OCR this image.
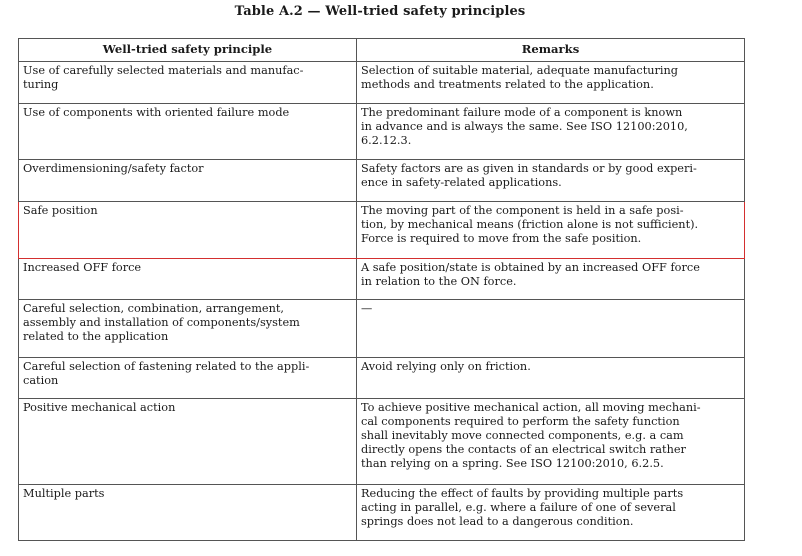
Table A.2 — Well-tried safety principles
Well-tried safety principle	Remarks

Use of carefully selected materials and manufac-
turing	Selection of suitable material, adequate manufacturing
methods and treatments related to the application.

Use of components with oriented failure mode	The predominant failure mode of a component is known
in advance and is always the same. See ISO 12100:2010,
6.2.12.3.

Overdimensioning/safety factor	Safety factors are as given in standards or by good experi-
ence in safety-related applications.

Safe position	The moving part of the component is held in a safe posi-
tion, by mechanical means (friction alone is not sufficient).
Force is required to move from the safe position.

Increased OFF force	A safe position/state is obtained by an increased OFF force
in relation to the ON force.

Careful selection, combination, arrangement,
assembly and installation of components/system
related to the application	—

Careful selection of fastening related to the appli-
cation	Avoid relying only on friction.

Positive mechanical action	To achieve positive mechanical action, all moving mechani-
cal components required to perform the safety function
shall inevitably move connected components, e.g. a cam
directly opens the contacts of an electrical switch rather
than relying on a spring. See ISO 12100:2010, 6.2.5.

Multiple parts	Reducing the effect of faults by providing multiple parts
acting in parallel, e.g. where a failure of one of several
springs does not lead to a dangerous condition.
